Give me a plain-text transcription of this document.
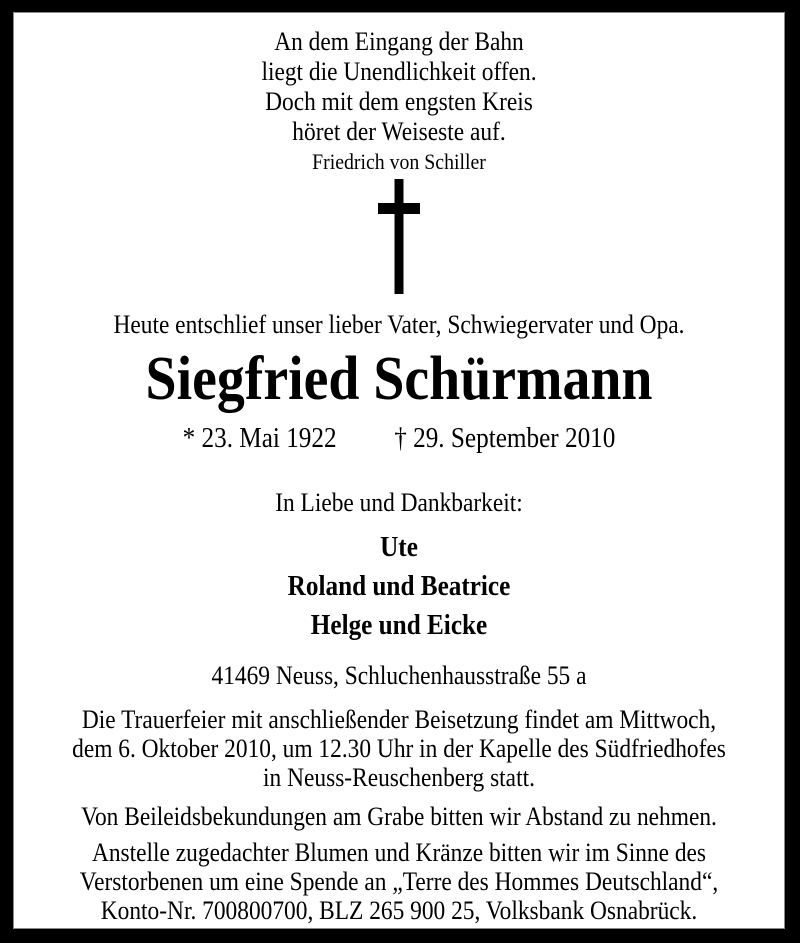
An dem Eingang der Bahn
liegt die Unendlichkeit offen.
Doch mit dem engsten Kreis
höret der Weiseste auf.
Friedrich von Schiller
Heute entschlief unser lieber Vater, Schwiegervater und Opa.
Siegfried Schürmann
* 23. Mai 1922 † 29. September 2010
In Liebe und Dankbarkeit:
Ute
Roland und Beatrice
Helge und Eicke
41469 Neuss, Schluchenhausstraße 55 a
Die Trauerfeier mit anschließender Beisetzung findet am Mittwoch,
dem 6. Oktober 2010, um 12.30 Uhr in der Kapelle des Südfriedhofes
in Neuss-Reuschenberg statt.
Von Beileidsbekundungen am Grabe bitten wir Abstand zu nehmen.
Anstelle zugedachter Blumen und Kränze bitten wir im Sinne des
Verstorbenen um eine Spende an „Terre des Hommes Deutschland“,
Konto-Nr. 700800700, BLZ 265 900 25, Volksbank Osnabrück.
